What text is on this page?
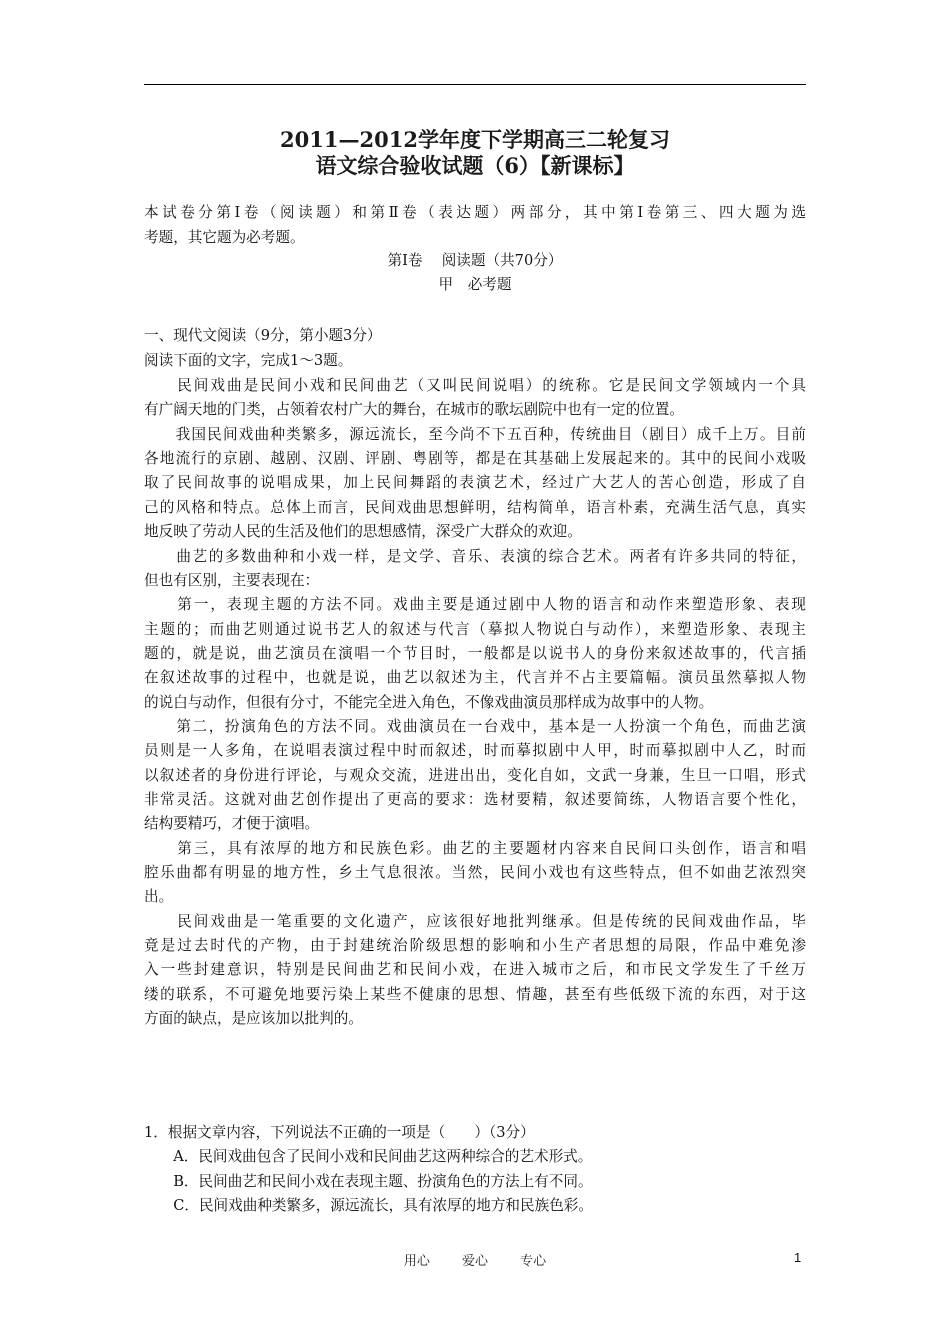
2011—2012学年度下学期高三二轮复习
语文综合验收试题（6）【新课标】
本试卷分第Ⅰ卷（阅读题）和第Ⅱ卷（表达题）两部分，其中第Ⅰ卷第三、四大题为选
考题，其它题为必考题。
第Ⅰ卷　 阅读题（共70分）
甲　必考题
一、现代文阅读（9分，第小题3分）
阅读下面的文字，完成1～3题。
　　民间戏曲是民间小戏和民间曲艺（又叫民间说唱）的统称。它是民间文学领域内一个具
有广阔天地的门类，占领着农村广大的舞台，在城市的歌坛剧院中也有一定的位置。
　　我国民间戏曲种类繁多，源远流长，至今尚不下五百种，传统曲目（剧目）成千上万。目前
各地流行的京剧、越剧、汉剧、评剧、粤剧等，都是在其基础上发展起来的。其中的民间小戏吸
取了民间故事的说唱成果，加上民间舞蹈的表演艺术，经过广大艺人的苦心创造，形成了自
己的风格和特点。总体上而言，民间戏曲思想鲜明，结构简单，语言朴素，充满生活气息，真实
地反映了劳动人民的生活及他们的思想感情，深受广大群众的欢迎。
　　曲艺的多数曲种和小戏一样，是文学、音乐、表演的综合艺术。两者有许多共同的特征，
但也有区别，主要表现在：
　　第一，表现主题的方法不同。戏曲主要是通过剧中人物的语言和动作来塑造形象、表现
主题的；而曲艺则通过说书艺人的叙述与代言（摹拟人物说白与动作），来塑造形象、表现主
题的，就是说，曲艺演员在演唱一个节目时，一般都是以说书人的身份来叙述故事的，代言插
在叙述故事的过程中，也就是说，曲艺以叙述为主，代言并不占主要篇幅。演员虽然摹拟人物
的说白与动作，但很有分寸，不能完全进入角色，不像戏曲演员那样成为故事中的人物。
　　第二，扮演角色的方法不同。戏曲演员在一台戏中，基本是一人扮演一个角色，而曲艺演
员则是一人多角，在说唱表演过程中时而叙述，时而摹拟剧中人甲，时而摹拟剧中人乙，时而
以叙述者的身份进行评论，与观众交流，进进出出，变化自如，文武一身兼，生旦一口唱，形式
非常灵活。这就对曲艺创作提出了更高的要求：选材要精，叙述要简练，人物语言要个性化，
结构要精巧，才便于演唱。
　　第三，具有浓厚的地方和民族色彩。曲艺的主要题材内容来自民间口头创作，语言和唱
腔乐曲都有明显的地方性，乡土气息很浓。当然，民间小戏也有这些特点，但不如曲艺浓烈突
出。
　　民间戏曲是一笔重要的文化遗产，应该很好地批判继承。但是传统的民间戏曲作品，毕
竟是过去时代的产物，由于封建统治阶级思想的影响和小生产者思想的局限，作品中难免渗
入一些封建意识，特别是民间曲艺和民间小戏，在进入城市之后，和市民文学发生了千丝万
缕的联系，不可避免地要污染上某些不健康的思想、情趣，甚至有些低级下流的东西，对于这
方面的缺点，是应该加以批判的。
1．根据文章内容，下列说法不正确的一项是（　　）（3分）
　　A．民间戏曲包含了民间小戏和民间曲艺这两种综合的艺术形式。
　　B．民间曲艺和民间小戏在表现主题、扮演角色的方法上有不同。
　　C．民间戏曲种类繁多，源远流长，具有浓厚的地方和民族色彩。
用心 爱心 专心	1
